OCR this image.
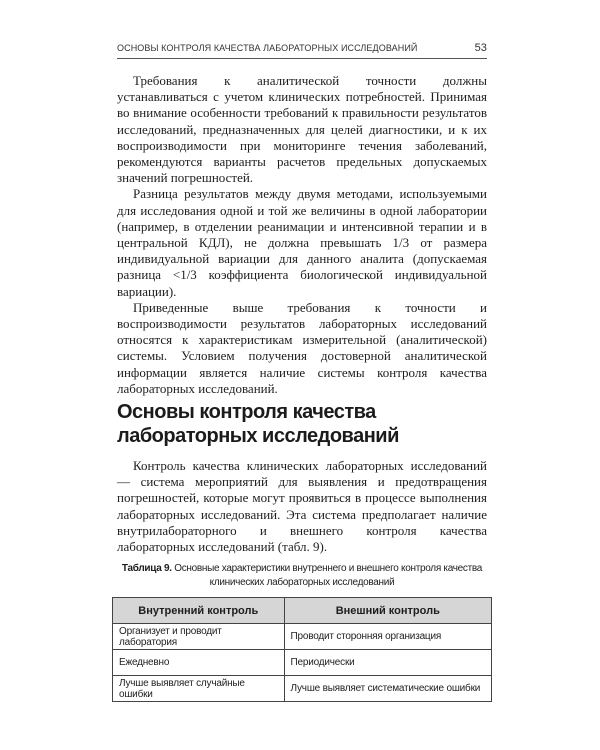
ОСНОВЫ КОНТРОЛЯ КАЧЕСТВА ЛАБОРАТОРНЫХ ИССЛЕДОВАНИЙ	53

Требования к аналитической точности должны устанавливаться с учетом клинических потребностей. Принимая во внимание особенности требований к правильности результатов исследований, предназначенных для целей диагностики, и к их воспроизводимости при мониторинге течения заболеваний, рекомендуются варианты расчетов предельных допускаемых значений погрешностей.

Разница результатов между двумя методами, используемыми для исследования одной и той же величины в одной лаборатории (например, в отделении реанимации и интенсивной терапии и в центральной КДЛ), не должна превышать 1/3 от размера индивидуальной вариации для данного аналита (допускаемая разница <1/3 коэффициента биологической индивидуальной вариации).

Приведенные выше требования к точности и воспроизводимости результатов лабораторных исследований относятся к характеристикам измерительной (аналитической) системы. Условием получения достоверной аналитической информации является наличие системы контроля качества лабораторных исследований.

Основы контроля качества лабораторных исследований

Контроль качества клинических лабораторных исследований — система мероприятий для выявления и предотвращения погрешностей, которые могут проявиться в процессе выполнения лабораторных исследований. Эта система предполагает наличие внутрилабораторного и внешнего контроля качества лабораторных исследований (табл. 9).

Таблица 9. Основные характеристики внутреннего и внешнего контроля качества клинических лабораторных исследований
Внутренний контроль	Внешний контроль
Организует и проводит лаборатория	Проводит сторонняя организация
Ежедневно	Периодически
Лучше выявляет случайные ошибки	Лучше выявляет систематические ошибки
